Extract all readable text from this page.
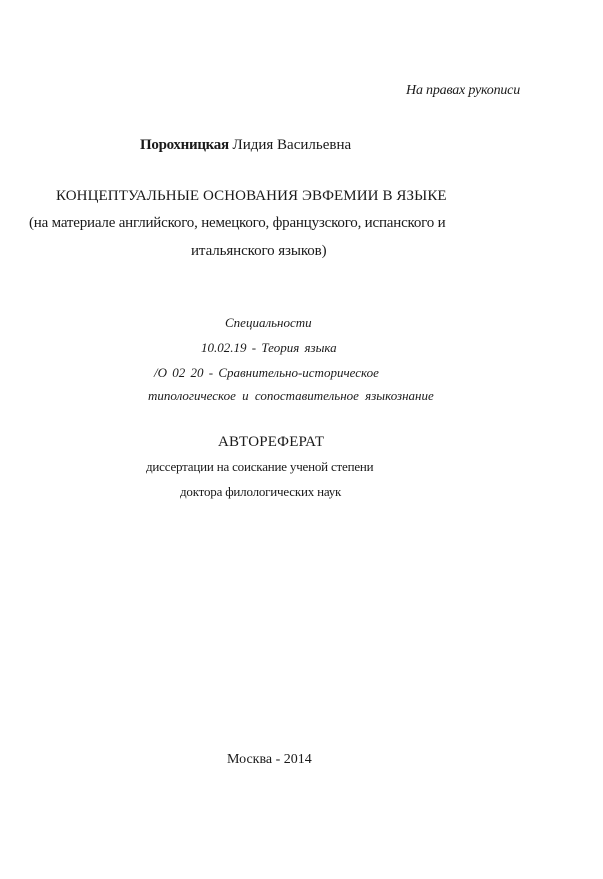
На правах рукописи
Порохницкая Лидия Васильевна
КОНЦЕПТУАЛЬНЫЕ ОСНОВАНИЯ ЭВФЕМИИ В ЯЗЫКЕ
(на материале английского, немецкого, французского, испанского и
итальянского языков)
Специальности
10.02.19 - Теория языка
/О 02 20 - Сравнительно-историческое
типологическое и сопоставительное языкознание
АВТОРЕФЕРАТ
диссертации на соискание ученой степени
доктора филологических наук
Москва - 2014
